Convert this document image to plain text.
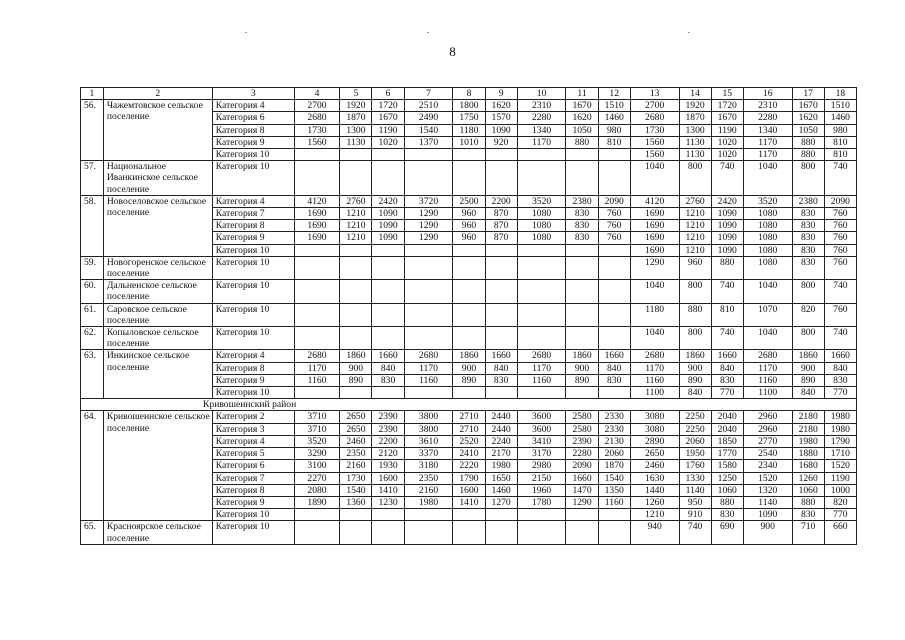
8
1	2	3	4	5	6	7	8	9	10	11	12	13	14	15	16	17	18
56.	Чажемтовское сельское поселение	Категория 4	2700	1920	1720	2510	1800	1620	2310	1670	1510	2700	1920	1720	2310	1670	1510
		Категория 6	2680	1870	1670	2490	1750	1570	2280	1620	1460	2680	1870	1670	2280	1620	1460
		Категория 8	1730	1300	1190	1540	1180	1090	1340	1050	980	1730	1300	1190	1340	1050	980
		Категория 9	1560	1130	1020	1370	1010	920	1170	880	810	1560	1130	1020	1170	880	810
		Категория 10										1560	1130	1020	1170	880	810
57.	Национальное Иванкинское сельское поселение	Категория 10										1040	800	740	1040	800	740
58.	Новоселовское сельское поселение	Категория 4	4120	2760	2420	3720	2500	2200	3520	2380	2090	4120	2760	2420	3520	2380	2090
		Категория 7	1690	1210	1090	1290	960	870	1080	830	760	1690	1210	1090	1080	830	760
		Категория 8	1690	1210	1090	1290	960	870	1080	830	760	1690	1210	1090	1080	830	760
		Категория 9	1690	1210	1090	1290	960	870	1080	830	760	1690	1210	1090	1080	830	760
		Категория 10										1690	1210	1090	1080	830	760
59.	Новогоренское сельское поселение	Категория 10										1290	960	880	1080	830	760
60.	Дальненское сельское поселение	Категория 10										1040	800	740	1040	800	740
61.	Саровское сельское поселение	Категория 10										1180	880	810	1070	820	760
62.	Копыловское сельское поселение	Категория 10										1040	800	740	1040	800	740
63.	Инкинское сельское поселение	Категория 4	2680	1860	1660	2680	1860	1660	2680	1860	1660	2680	1860	1660	2680	1860	1660
		Категория 8	1170	900	840	1170	900	840	1170	900	840	1170	900	840	1170	900	840
		Категория 9	1160	890	830	1160	890	830	1160	890	830	1160	890	830	1160	890	830
		Категория 10										1100	840	770	1100	840	770
Кривошеинский район																	
64.	Кривошеинское сельское поселение	Категория 2	3710	2650	2390	3800	2710	2440	3600	2580	2330	3080	2250	2040	2960	2180	1980
		Категория 3	3710	2650	2390	3800	2710	2440	3600	2580	2330	3080	2250	2040	2960	2180	1980
		Категория 4	3520	2460	2200	3610	2520	2240	3410	2390	2130	2890	2060	1850	2770	1980	1790
		Категория 5	3290	2350	2120	3370	2410	2170	3170	2280	2060	2650	1950	1770	2540	1880	1710
		Категория 6	3100	2160	1930	3180	2220	1980	2980	2090	1870	2460	1760	1580	2340	1680	1520
		Категория 7	2270	1730	1600	2350	1790	1650	2150	1660	1540	1630	1330	1250	1520	1260	1190
		Категория 8	2080	1540	1410	2160	1600	1460	1960	1470	1350	1440	1140	1060	1320	1060	1000
		Категория 9	1890	1360	1230	1980	1410	1270	1780	1290	1160	1260	950	880	1140	880	820
		Категория 10										1210	910	830	1090	830	770
65.	Красноярское сельское поселение	Категория 10										940	740	690	900	710	660
